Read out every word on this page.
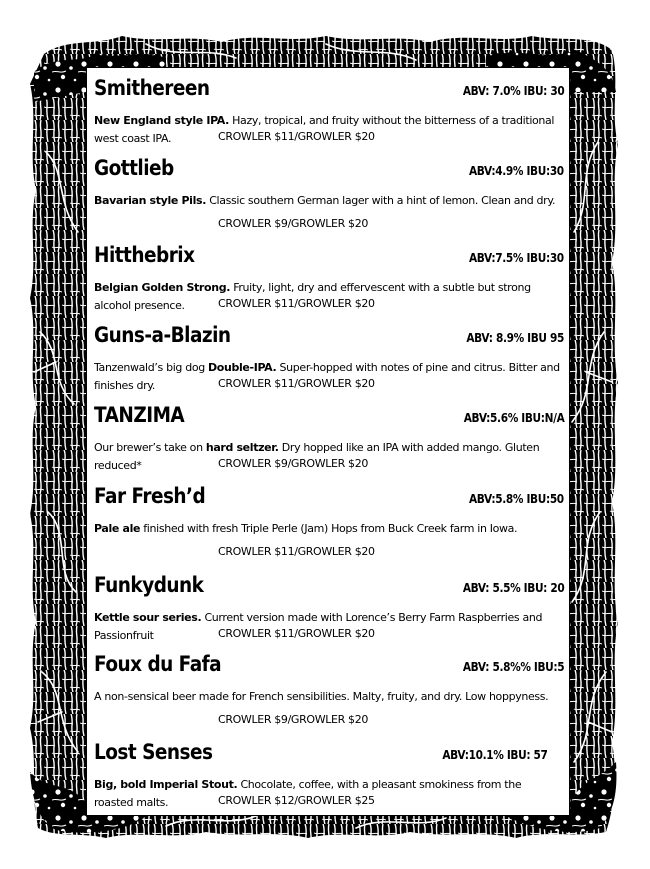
Smithereen	ABV: 7.0% IBU: 30
New England style IPA. Hazy, tropical, and fruity without the bitterness of a traditional west coast IPA.	CROWLER $11/GROWLER $20
Gottlieb	ABV:4.9% IBU:30
Bavarian style Pils. Classic southern German lager with a hint of lemon. Clean and dry.
CROWLER $9/GROWLER $20
Hitthebrix	ABV:7.5% IBU:30
Belgian Golden Strong. Fruity, light, dry and effervescent with a subtle but strong alcohol presence.	CROWLER $11/GROWLER $20
Guns-a-Blazin	ABV: 8.9% IBU 95
Tanzenwald’s big dog Double-IPA. Super-hopped with notes of pine and citrus. Bitter and finishes dry.	CROWLER $11/GROWLER $20
TANZIMA	ABV:5.6% IBU:N/A
Our brewer’s take on hard seltzer. Dry hopped like an IPA with added mango. Gluten reduced*	CROWLER $9/GROWLER $20
Far Fresh’d	ABV:5.8% IBU:50
Pale ale finished with fresh Triple Perle (Jam) Hops from Buck Creek farm in Iowa.
CROWLER $11/GROWLER $20
Funkydunk	ABV: 5.5% IBU: 20
Kettle sour series. Current version made with Lorence’s Berry Farm Raspberries and Passionfruit	CROWLER $11/GROWLER $20
Foux du Fafa	ABV: 5.8%% IBU:5
A non-sensical beer made for French sensibilities. Malty, fruity, and dry. Low hoppyness.
CROWLER $9/GROWLER $20
Lost Senses	ABV:10.1% IBU: 57
Big, bold Imperial Stout. Chocolate, coffee, with a pleasant smokiness from the roasted malts.	CROWLER $12/GROWLER $25
